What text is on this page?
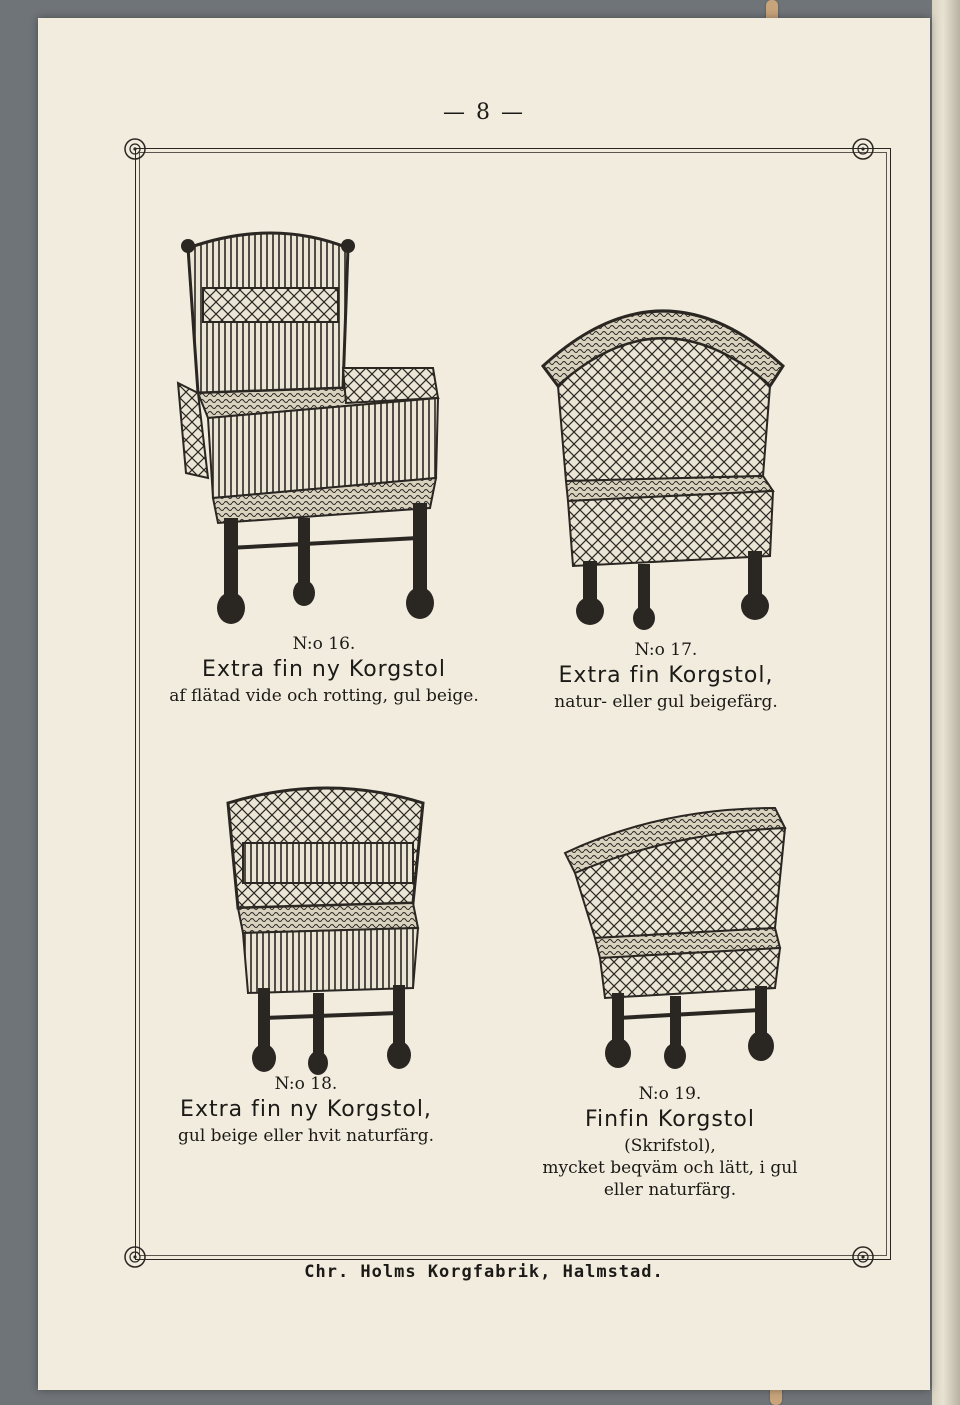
— 8 —
N:o 16.
Extra fin ny Korgstol
af flätad vide och rotting, gul beige.
N:o 17.
Extra fin Korgstol,
natur- eller gul beigefärg.
N:o 18.
Extra fin ny Korgstol,
gul beige eller hvit naturfärg.
N:o 19.
Finfin Korgstol
(Skrifstol),
mycket beqväm och lätt, i gul
eller naturfärg.
Chr. Holms Korgfabrik, Halmstad.
